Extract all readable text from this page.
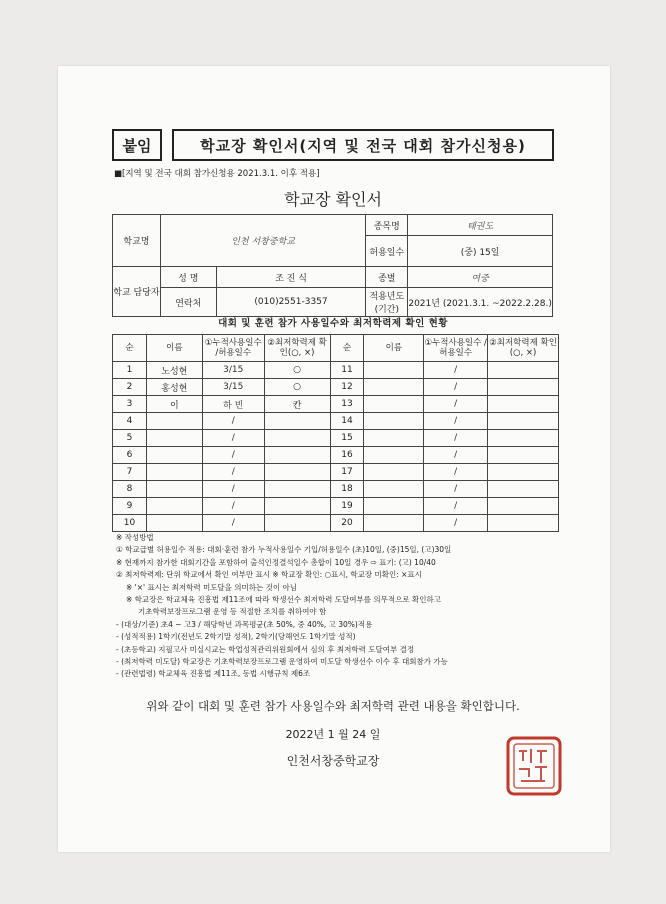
붙임	학교장 확인서(지역 및 전국 대회 참가신청용)
■[지역 및 전국 대회 참가신청용 2021.3.1. 이후 적용]
학교장 확인서
학교명	인천 서창중학교		종목명	태권도
			허용일수	(중) 15일
학교 담당자	성 명	조 진 식	종별	여중
	연락처	(010)2551-3357	적용년도 (기간)	2021년 (2021.3.1. ~2022.2.28.)
대회 및 훈련 참가 사용일수와 최저학력제 확인 현황
순	이름	①누적사용일수 /허용일수	②최저학력제 확인(○, ×)	순	이름	①누적사용일수 /허용일수	②최저학력제 확인(○, ×)
1	노성현	3/15	○	11		/	
2	홍성현	3/15	○	12		/	
3	이	하 빈	칸	13		/	
4		/		14		/	
5		/		15		/	
6		/		16		/	
7		/		17		/	
8		/		18		/	
9		/		19		/	
10		/		20		/	
※ 작성방법
① 학교급별 허용일수 적용: 대회·훈련 참가 누적사용일수 기입/허용일수 (초)10일, (중)15일, (고)30일
※ 현재까지 참가한 대회기간을 포함하여 출석인정결석일수 총합이 10일 경우 ⇨ 표기: (고) 10/40
② 최저학력제: 단위 학교에서 확인 여부만 표시 ※ 학교장 확인: ○표시, 학교장 미확인: ×표시
※ '×' 표시는 최저학력 미도달을 의미하는 것이 아님
※ 학교장은 학교체육 진흥법 제11조에 따라 학생선수 최저학력 도달여부를 의무적으로 확인하고
기초학력보장프로그램 운영 등 적절한 조치를 취하여야 함
- (대상/기준) 초4 ~ 고3 / 해당학년 과목평균(초 50%, 중 40%, 고 30%)적용
- (성적적용) 1학기(전년도 2학기말 성적), 2학기(당해연도 1학기말 성적)
- (초등학교) 지필고사 미실시교는 학업성적관리위원회에서 심의 후 최저학력 도달여부 결정
- (최저학력 미도달) 학교장은 기초학력보장프로그램 운영하여 미도달 학생선수 이수 후 대회참가 가능
- (관련법령) 학교체육 진흥법 제11조, 동법 시행규칙 제6조
위와 같이 대회 및 훈련 참가 사용일수와 최저학력 관련 내용을 확인합니다.
2022년 1 월 24 일
인천서창중학교장
